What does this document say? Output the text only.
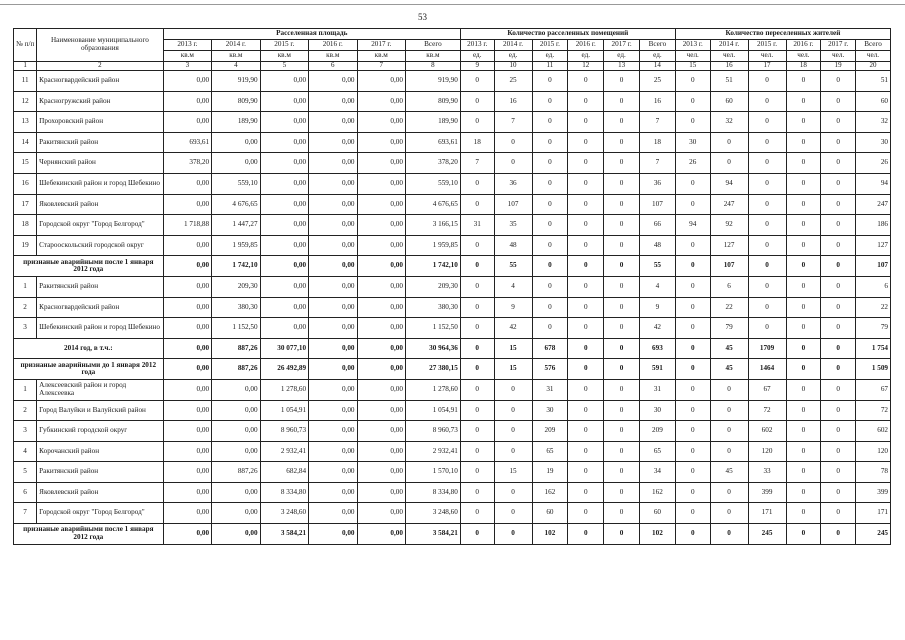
53
№ п/п	Наименование муниципального образования	Расселенная площадь						Количество расселенных помещений						Количество переселенных жителей					
		2013 г.	2014 г.	2015 г.	2016 г.	2017 г.	Всего	2013 г.	2014 г.	2015 г.	2016 г.	2017 г.	Всего	2013 г.	2014 г.	2015 г.	2016 г.	2017 г.	Всего
		кв.м	кв.м	кв.м	кв.м	кв.м	кв.м	ед.	ед.	ед.	ед.	ед.	ед.	чел.	чел.	чел.	чел.	чел.	чел.
1	2	3	4	5	6	7	8	9	10	11	12	13	14	15	16	17	18	19	20
11	Красногвардейский район	0,00	919,90	0,00	0,00	0,00	919,90	0	25	0	0	0	25	0	51	0	0	0	51
12	Красногружский район	0,00	809,90	0,00	0,00	0,00	809,90	0	16	0	0	0	16	0	60	0	0	0	60
13	Прохоровский район	0,00	189,90	0,00	0,00	0,00	189,90	0	7	0	0	0	7	0	32	0	0	0	32
14	Ракитянский район	693,61	0,00	0,00	0,00	0,00	693,61	18	0	0	0	0	18	30	0	0	0	0	30
15	Чернянский район	378,20	0,00	0,00	0,00	0,00	378,20	7	0	0	0	0	7	26	0	0	0	0	26
16	Шебекинский район и город Шебекино	0,00	559,10	0,00	0,00	0,00	559,10	0	36	0	0	0	36	0	94	0	0	0	94
17	Яковлевский район	0,00	4 676,65	0,00	0,00	0,00	4 676,65	0	107	0	0	0	107	0	247	0	0	0	247
18	Городской округ "Город Белгород"	1 718,88	1 447,27	0,00	0,00	0,00	3 166,15	31	35	0	0	0	66	94	92	0	0	0	186
19	Старооскольский городской округ	0,00	1 959,85	0,00	0,00	0,00	1 959,85	0	48	0	0	0	48	0	127	0	0	0	127
признаные аварийными после 1 января 2012 года		0,00	1 742,10	0,00	0,00	0,00	1 742,10	0	55	0	0	0	55	0	107	0	0	0	107
1	Ракитянский район	0,00	209,30	0,00	0,00	0,00	209,30	0	4	0	0	0	4	0	6	0	0	0	6
2	Красногвардейский район	0,00	380,30	0,00	0,00	0,00	380,30	0	9	0	0	0	9	0	22	0	0	0	22
3	Шебекинский район и город Шебекино	0,00	1 152,50	0,00	0,00	0,00	1 152,50	0	42	0	0	0	42	0	79	0	0	0	79
2014 год, в т.ч.:		0,00	887,26	30 077,10	0,00	0,00	30 964,36	0	15	678	0	0	693	0	45	1709	0	0	1 754
признаные аварийными до 1 января 2012 года		0,00	887,26	26 492,89	0,00	0,00	27 380,15	0	15	576	0	0	591	0	45	1464	0	0	1 509
1	Алексеевский район и город Алексеевка	0,00	0,00	1 278,60	0,00	0,00	1 278,60	0	0	31	0	0	31	0	0	67	0	0	67
2	Город Валуйки и Валуйский район	0,00	0,00	1 054,91	0,00	0,00	1 054,91	0	0	30	0	0	30	0	0	72	0	0	72
3	Губкинский городской округ	0,00	0,00	8 960,73	0,00	0,00	8 960,73	0	0	209	0	0	209	0	0	602	0	0	602
4	Корочанский район	0,00	0,00	2 932,41	0,00	0,00	2 932,41	0	0	65	0	0	65	0	0	120	0	0	120
5	Ракитянский район	0,00	887,26	682,84	0,00	0,00	1 570,10	0	15	19	0	0	34	0	45	33	0	0	78
6	Яковлевский район	0,00	0,00	8 334,80	0,00	0,00	8 334,80	0	0	162	0	0	162	0	0	399	0	0	399
7	Городской округ "Город Белгород"	0,00	0,00	3 248,60	0,00	0,00	3 248,60	0	0	60	0	0	60	0	0	171	0	0	171
признаные аварийными после 1 января 2012 года		0,00	0,00	3 584,21	0,00	0,00	3 584,21	0	0	102	0	0	102	0	0	245	0	0	245
